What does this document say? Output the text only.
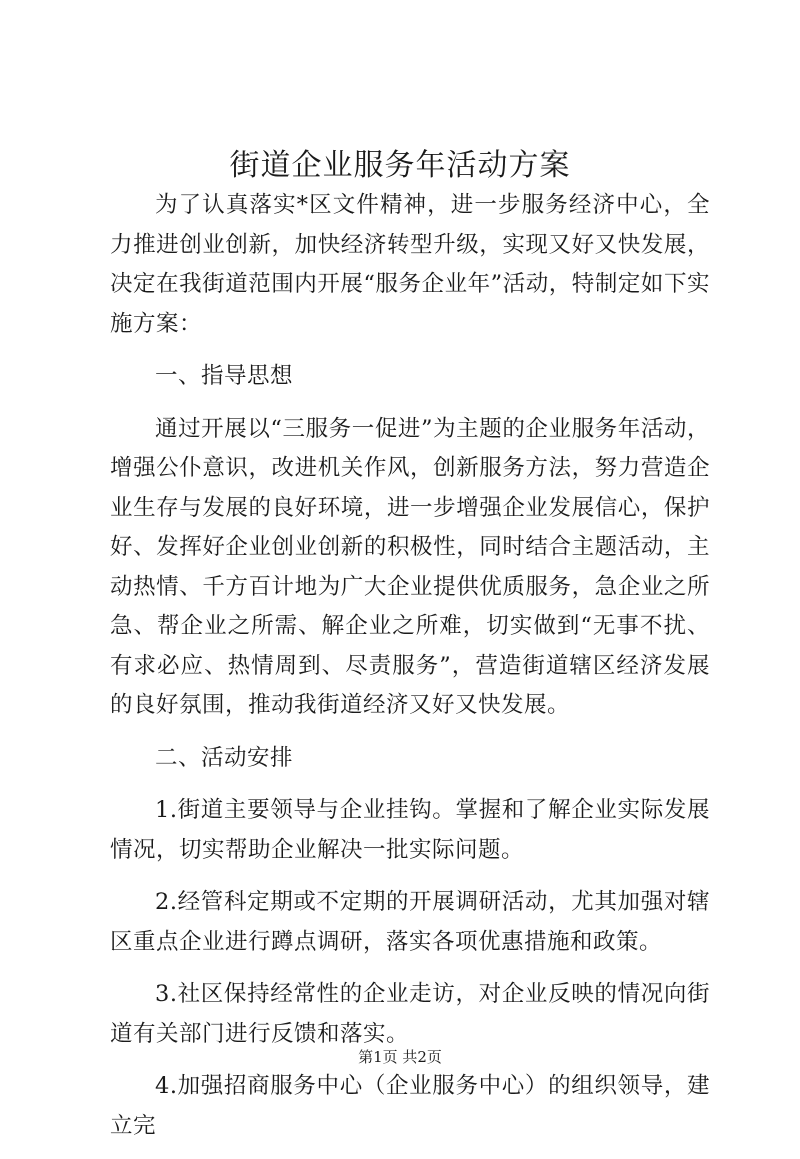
街道企业服务年活动方案

为了认真落实*区文件精神，进一步服务经济中心，全力推进创业创新，加快经济转型升级，实现又好又快发展，决定在我街道范围内开展“服务企业年”活动，特制定如下实施方案：

一、指导思想

通过开展以“三服务一促进”为主题的企业服务年活动，增强公仆意识，改进机关作风，创新服务方法，努力营造企业生存与发展的良好环境，进一步增强企业发展信心，保护好、发挥好企业创业创新的积极性，同时结合主题活动，主动热情、千方百计地为广大企业提供优质服务，急企业之所急、帮企业之所需、解企业之所难，切实做到“无事不扰、有求必应、热情周到、尽责服务”，营造街道辖区经济发展的良好氛围，推动我街道经济又好又快发展。

二、活动安排

1.街道主要领导与企业挂钩。掌握和了解企业实际发展情况，切实帮助企业解决一批实际问题。

2.经管科定期或不定期的开展调研活动，尤其加强对辖区重点企业进行蹲点调研，落实各项优惠措施和政策。

3.社区保持经常性的企业走访，对企业反映的情况向街道有关部门进行反馈和落实。

4.加强招商服务中心（企业服务中心）的组织领导，建立完

第1页 共2页
